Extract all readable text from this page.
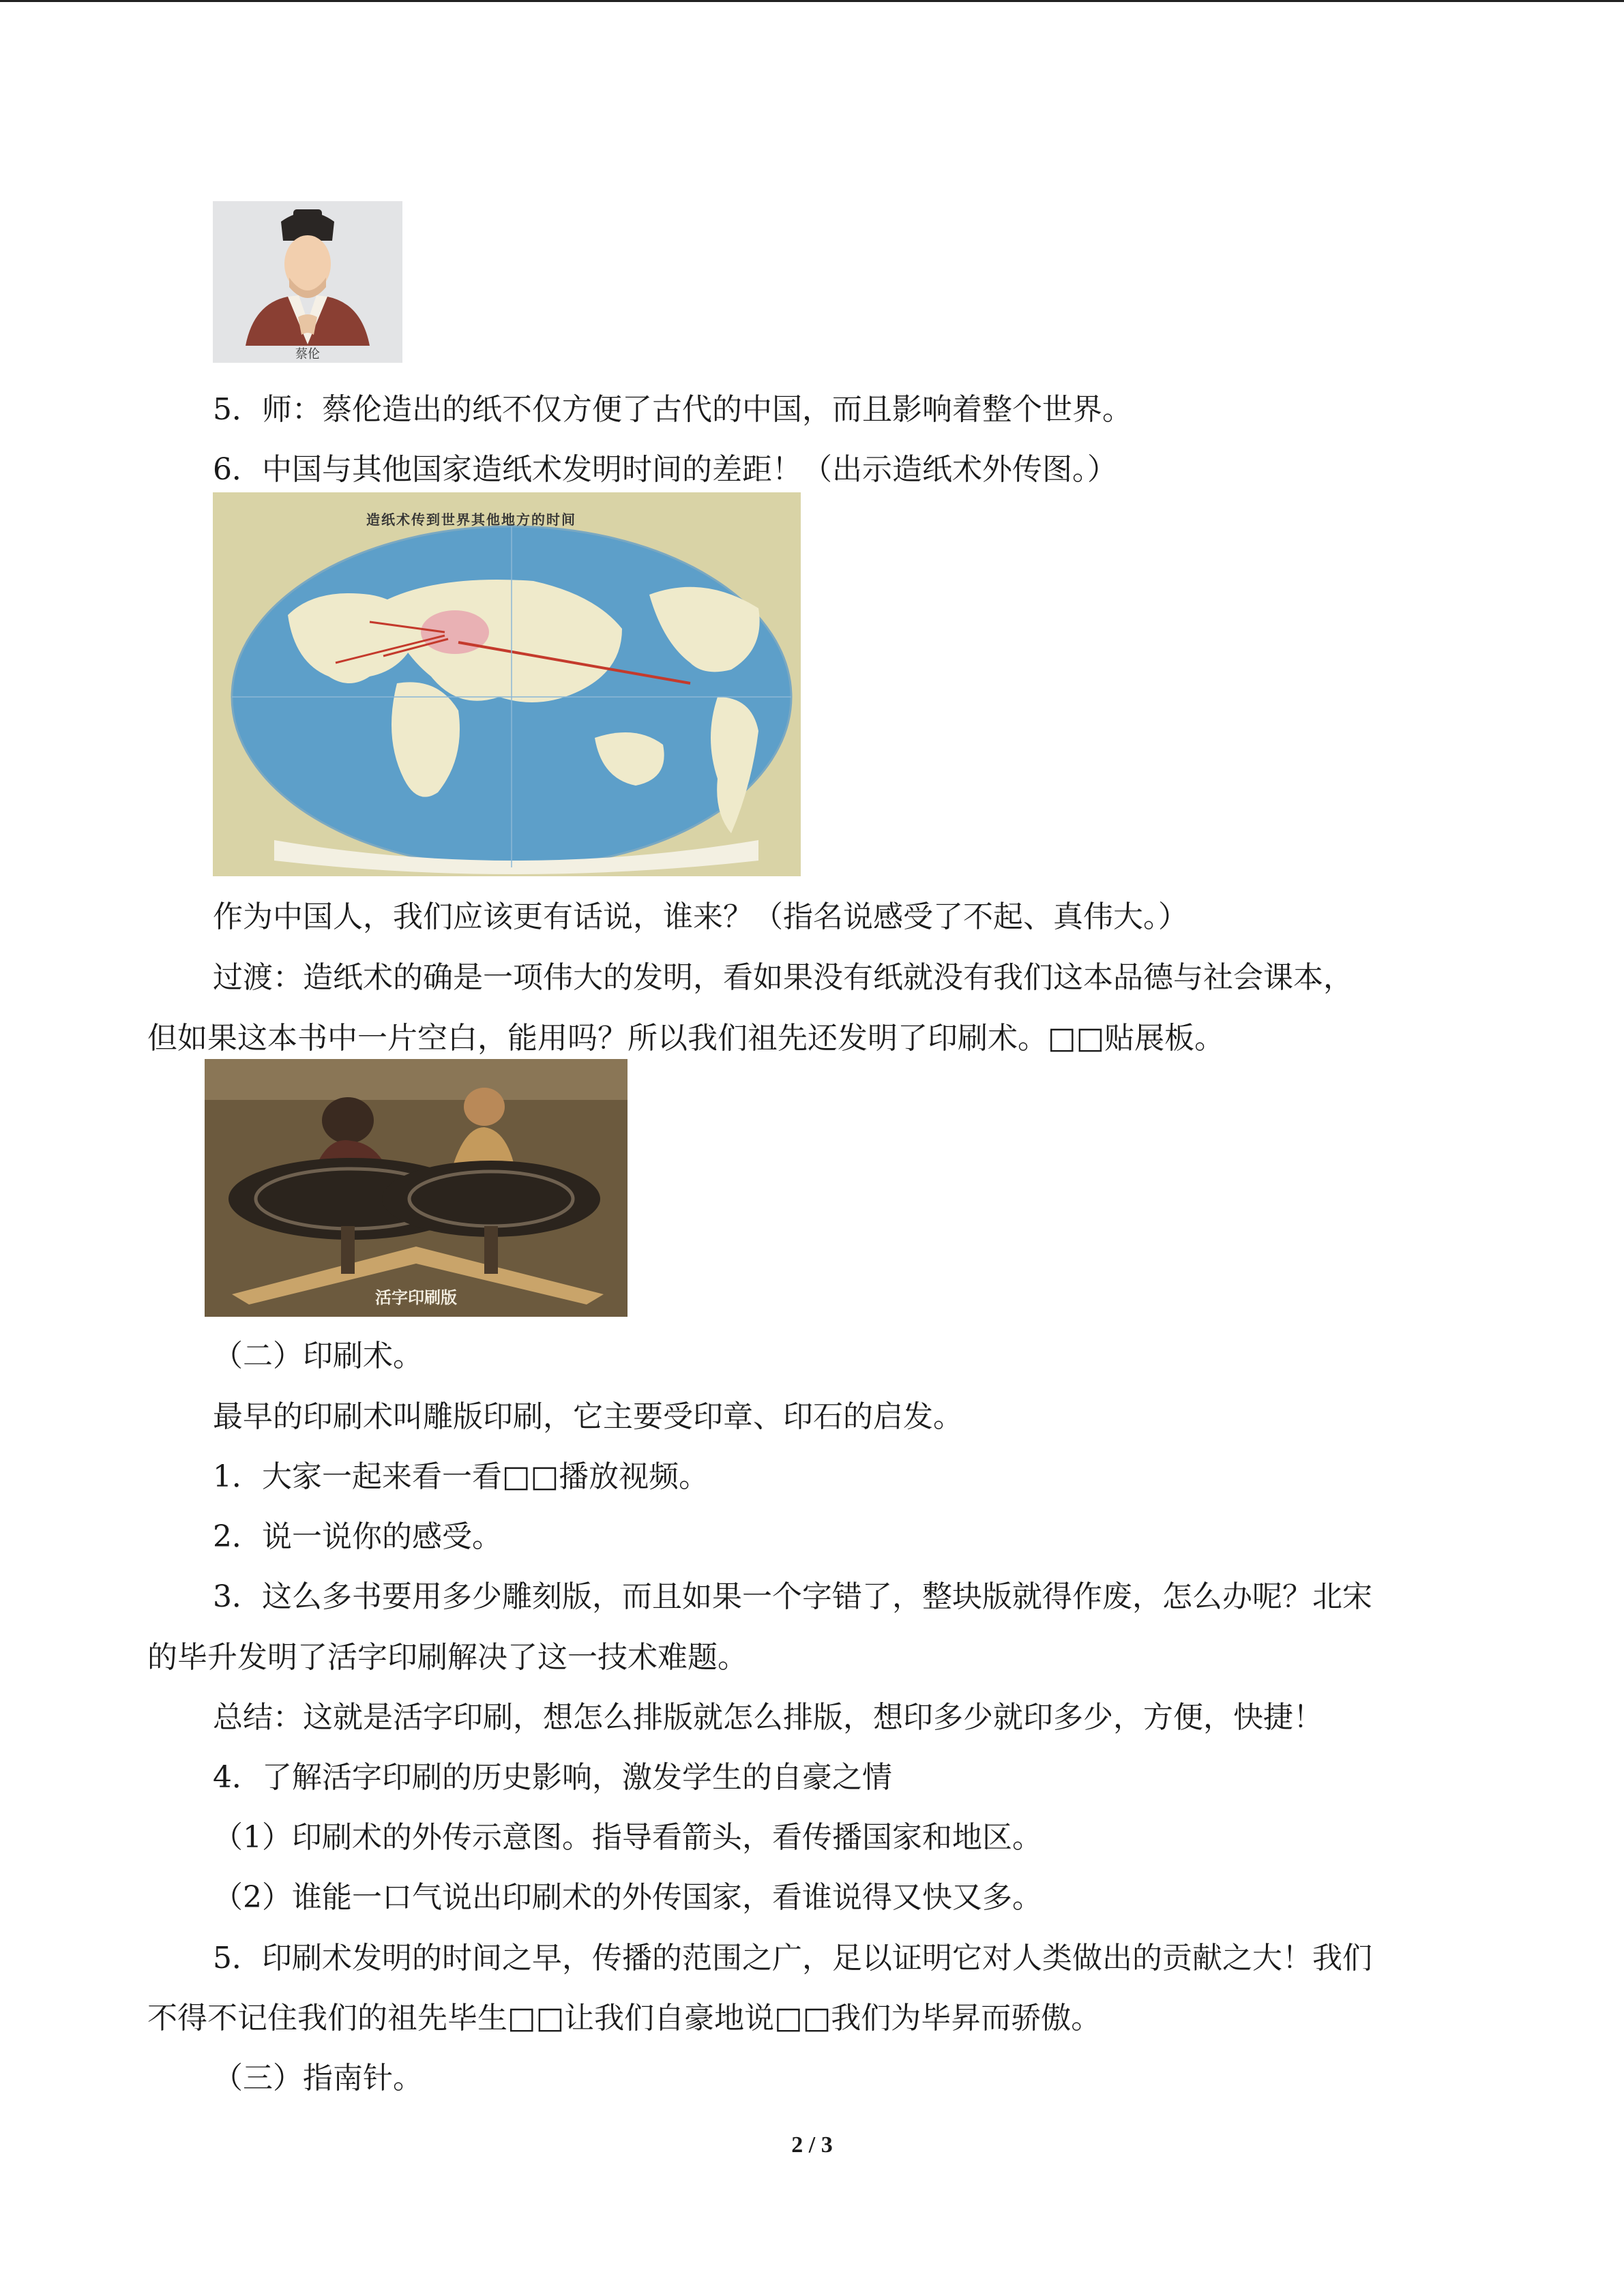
蔡伦

5．师：蔡伦造出的纸不仅方便了古代的中国，而且影响着整个世界。

6．中国与其他国家造纸术发明时间的差距！（出示造纸术外传图。）

造纸术传到世界其他地方的时间

作为中国人，我们应该更有话说，谁来？（指名说感受了不起、真伟大。）

过渡：造纸术的确是一项伟大的发明，看如果没有纸就没有我们这本品德与社会课本，

但如果这本书中一片空白，能用吗？所以我们祖先还发明了印刷术。□□贴展板。

活字印刷版

（二）印刷术。

最早的印刷术叫雕版印刷，它主要受印章、印石的启发。

1．大家一起来看一看□□播放视频。

2．说一说你的感受。

3．这么多书要用多少雕刻版，而且如果一个字错了，整块版就得作废，怎么办呢？北宋

的毕升发明了活字印刷解决了这一技术难题。

总结：这就是活字印刷，想怎么排版就怎么排版，想印多少就印多少，方便，快捷！

4．了解活字印刷的历史影响，激发学生的自豪之情

（1）印刷术的外传示意图。指导看箭头，看传播国家和地区。

（2）谁能一口气说出印刷术的外传国家，看谁说得又快又多。

5．印刷术发明的时间之早，传播的范围之广，足以证明它对人类做出的贡献之大！我们

不得不记住我们的祖先毕生□□让我们自豪地说□□我们为毕昇而骄傲。

（三）指南针。

2 / 3
